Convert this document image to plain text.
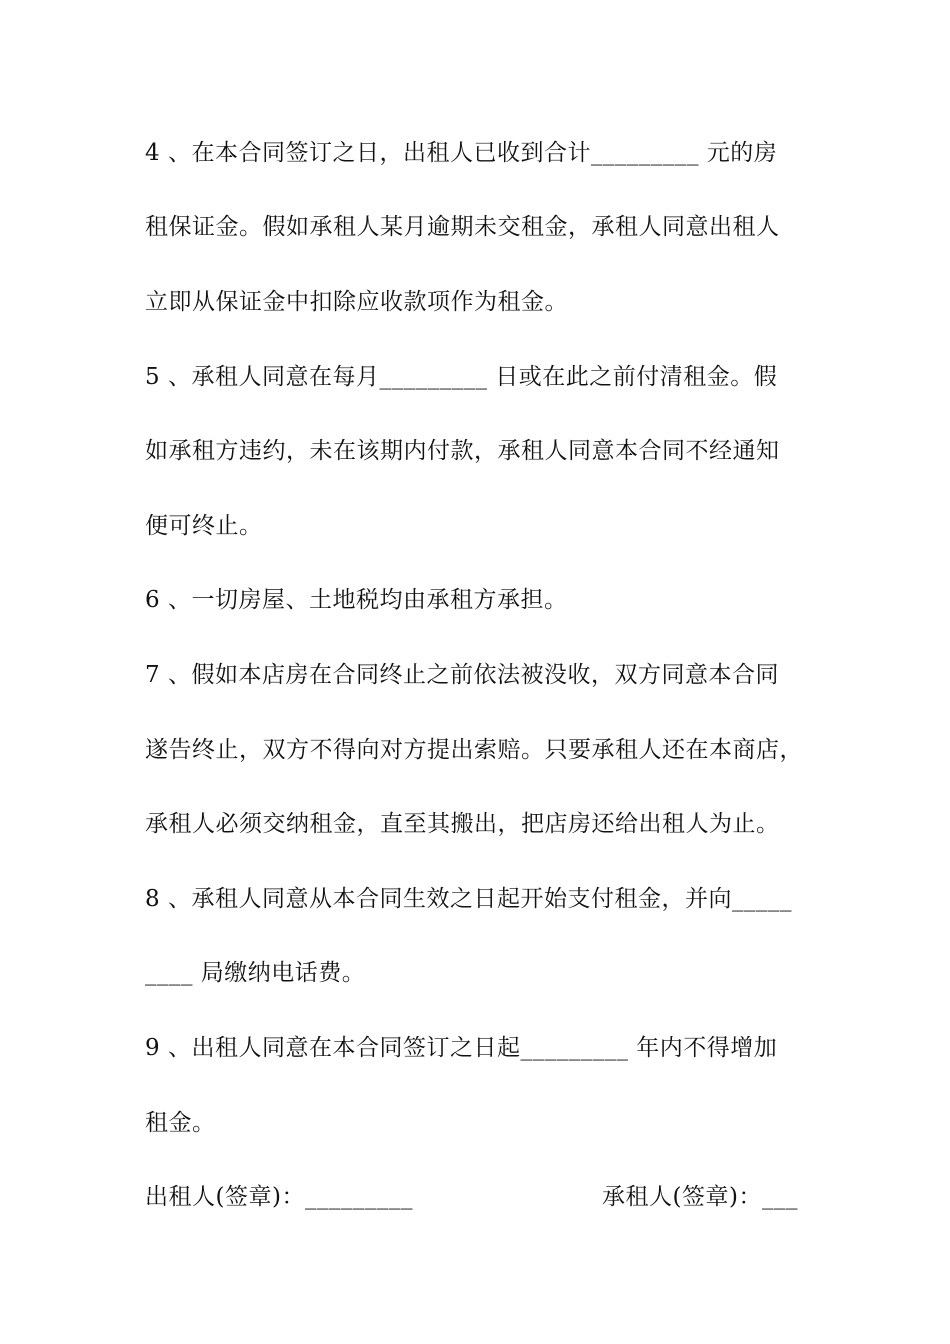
4 、在本合同签订之日，出租人已收到合计_________ 元的房
租保证金。假如承租人某月逾期未交租金，承租人同意出租人
立即从保证金中扣除应收款项作为租金。
5 、承租人同意在每月_________ 日或在此之前付清租金。假
如承租方违约，未在该期内付款，承租人同意本合同不经通知
便可终止。
6 、一切房屋、土地税均由承租方承担。
7 、假如本店房在合同终止之前依法被没收，双方同意本合同
遂告终止，双方不得向对方提出索赔。只要承租人还在本商店，
承租人必须交纳租金，直至其搬出，把店房还给出租人为止。
8 、承租人同意从本合同生效之日起开始支付租金，并向_____
____ 局缴纳电话费。
9 、出租人同意在本合同签订之日起_________ 年内不得增加
租金。
出租人(签章)：_________	承租人(签章)：___
